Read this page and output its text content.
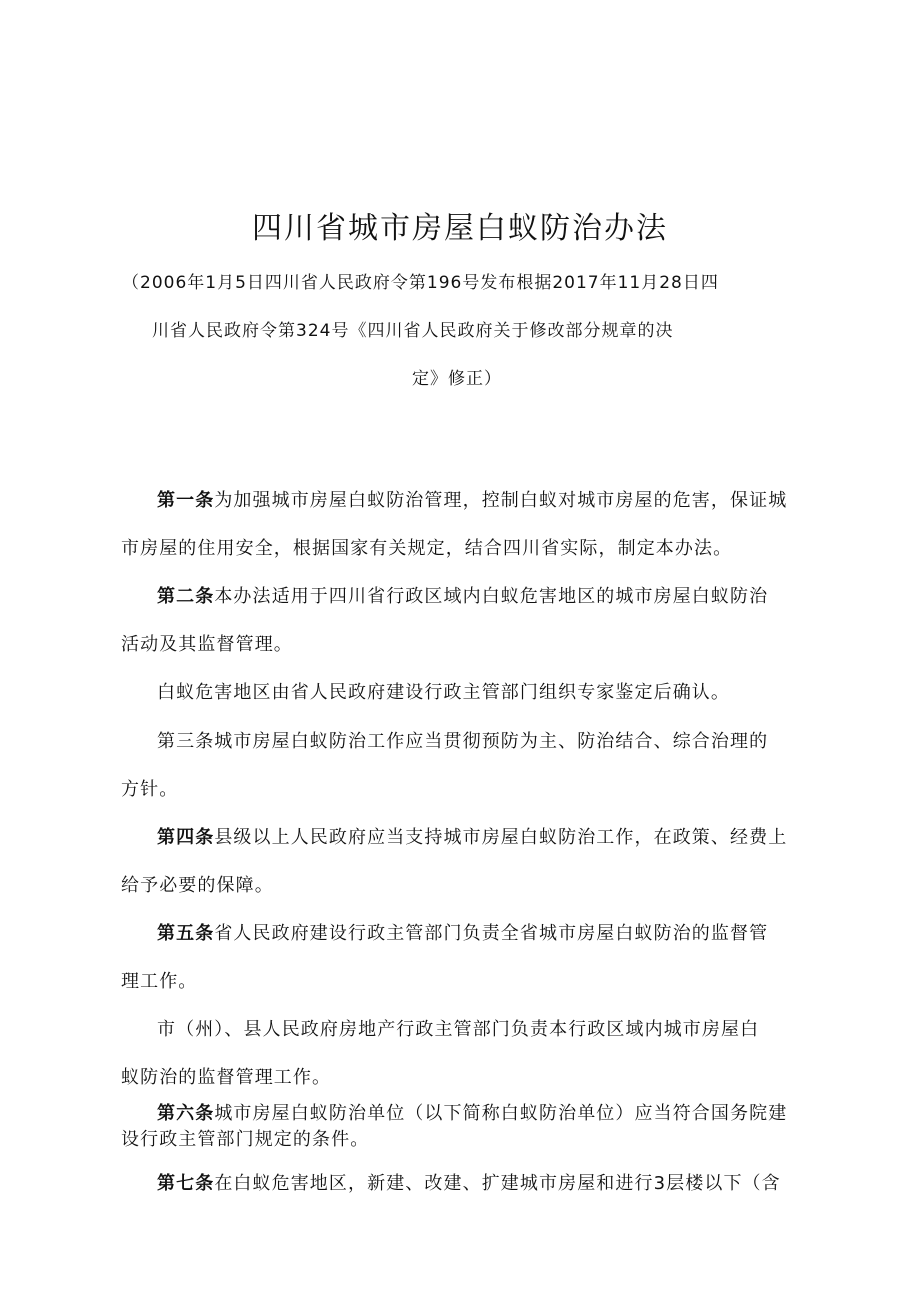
四川省城市房屋白蚁防治办法
（2006年1月5日四川省人民政府令第196号发布根据2017年11月28日四
川省人民政府令第324号《四川省人民政府关于修改部分规章的决
定》修正）
第一条为加强城市房屋白蚁防治管理，控制白蚁对城市房屋的危害，保证城
市房屋的住用安全，根据国家有关规定，结合四川省实际，制定本办法。
第二条本办法适用于四川省行政区域内白蚁危害地区的城市房屋白蚁防治
活动及其监督管理。
白蚁危害地区由省人民政府建设行政主管部门组织专家鉴定后确认。
第三条城市房屋白蚁防治工作应当贯彻预防为主、防治结合、综合治理的
方针。
第四条县级以上人民政府应当支持城市房屋白蚁防治工作，在政策、经费上
给予必要的保障。
第五条省人民政府建设行政主管部门负责全省城市房屋白蚁防治的监督管
理工作。
市（州）、县人民政府房地产行政主管部门负责本行政区域内城市房屋白
蚁防治的监督管理工作。
第六条城市房屋白蚁防治单位（以下简称白蚁防治单位）应当符合国务院建
设行政主管部门规定的条件。
第七条在白蚁危害地区，新建、改建、扩建城市房屋和进行3层楼以下（含
